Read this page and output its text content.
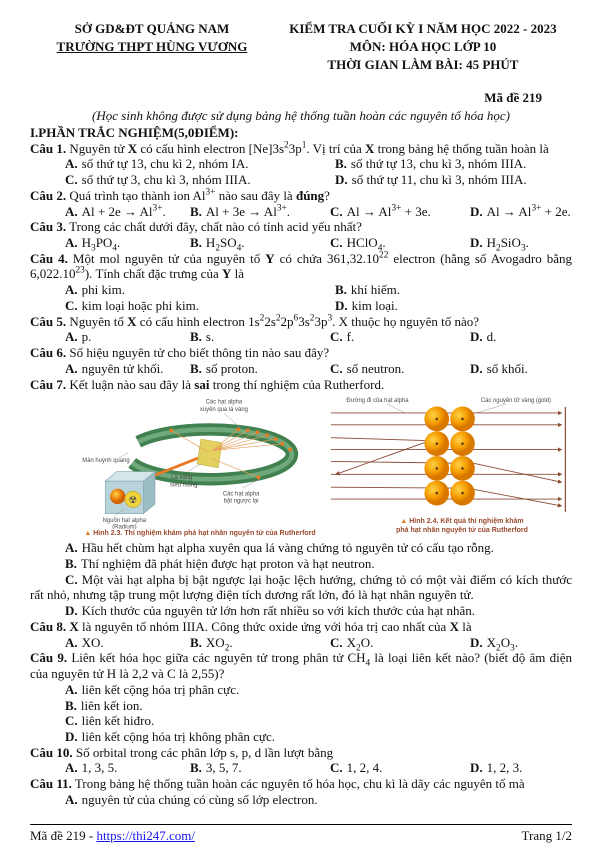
SỞ GD&ĐT QUẢNG NAM
TRƯỜNG THPT HÙNG VƯƠNG
KIỂM TRA CUỐI KỲ I NĂM HỌC 2022 - 2023
MÔN: HÓA HỌC LỚP 10
THỜI GIAN LÀM BÀI: 45 PHÚT
Mã đề 219
(Học sinh không được sử dụng bảng hệ thống tuần hoàn các nguyên tố hóa học)
I.PHẦN TRẮC NGHIỆM(5,0ĐIỂM):

Câu 1. Nguyên tử X có cấu hình electron $[Ne]3s^23p^1$. Vị trí của X trong bảng hệ thống tuần hoàn là

A. số thứ tự 13, chu kì 2, nhóm IA.	B. số thứ tự 13, chu kì 3, nhóm IIIA.
C. số thứ tự 3, chu kì 3, nhóm IIIA.	D. số thứ tự 11, chu kì 3, nhóm IIIA.

Câu 2. Quá trình tạo thành ion $Al^{3+}$ nào sau đây là đúng?

A. $Al + 2e \to Al^{3+}$.	B. $Al + 3e \to Al^{3+}$.	C. $Al \to Al^{3+} + 3e$.	D. $Al \to Al^{3+} + 2e$.

Câu 3. Trong các chất dưới đây, chất nào có tính acid yếu nhất?

A. $H_3PO_4$.	B. $H_2SO_4$.	C. HClO$_4$.	D. $H_2SiO_3$.

Câu 4. Một mol nguyên tử của nguyên tố Y có chứa 361,32.10$^{22}$ electron (hằng số Avogadro bằng 6,022.10$^{23}$). Tính chất đặc trưng của Y là

A. phi kim.	B. khí hiếm.
C. kim loại hoặc phi kim.	D. kim loại.

Câu 5. Nguyên tố X có cấu hình electron $1s^22s^22p^63s^23p^3$. X thuộc họ nguyên tố nào?

A. p.	B. s.	C. f.	D. d.

Câu 6. Số hiệu nguyên tử cho biết thông tin nào sau đây?

A. nguyên tử khối.	B. số proton.	C. số neutron.	D. số khối.

Câu 7. Kết luận nào sau đây là sai trong thí nghiệm của Rutherford.

☢
Các hạt alpha
xuyên qua lá vàng
Màn huỳnh quang
Lá vàng
siêu mỏng
Các hạt alpha
bật ngược lại
Nguồn hạt alpha
(Radium)
▲ Hình 2.3. Thí nghiệm khám phá hạt nhân nguyên tử của Rutherford
Đường đi của hạt alpha	Các nguyên tử vàng (gold)
▲ Hình 2.4. Kết quả thí nghiệm khám
phá hạt nhân nguyên tử của Rutherford

A. Hầu hết chùm hạt alpha xuyên qua lá vàng chứng tỏ nguyên tử có cấu tạo rỗng.

B. Thí nghiệm đã phát hiện được hạt proton và hạt neutron.

C. Một vài hạt alpha bị bật ngược lại hoặc lệch hướng, chứng tỏ có một vài điểm có kích thước rất nhỏ, nhưng tập trung một lượng điện tích dương rất lớn, đó là hạt nhân nguyên tử.

D. Kích thước của nguyên tử lớn hơn rất nhiều so với kích thước của hạt nhân.

Câu 8. X là nguyên tố nhóm IIIA. Công thức oxide ứng với hóa trị cao nhất của X là

A. XO.	B. $XO_2$.	C. $X_2O$.	D. $X_2O_3$.

Câu 9. Liên kết hóa học giữa các nguyên tử trong phân tử $CH_4$ là loại liên kết nào? (biết độ âm điện của nguyên tử H là 2,2 và C là 2,55)?

A. liên kết cộng hóa trị phân cực.

B. liên kết ion.

C. liên kết hiđro.

D. liên kết cộng hóa trị không phân cực.

Câu 10. Số orbital trong các phân lớp s, p, d lần lượt bằng

A. 1, 3, 5.	B. 3, 5, 7.	C. 1, 2, 4.	D. 1, 2, 3.

Câu 11. Trong bảng hệ thống tuần hoàn các nguyên tố hóa học, chu kì là dãy các nguyên tố mà

A. nguyên tử của chúng có cùng số lớp electron.

Mã đề 219 - https://thi247.com/	Trang 1/2
